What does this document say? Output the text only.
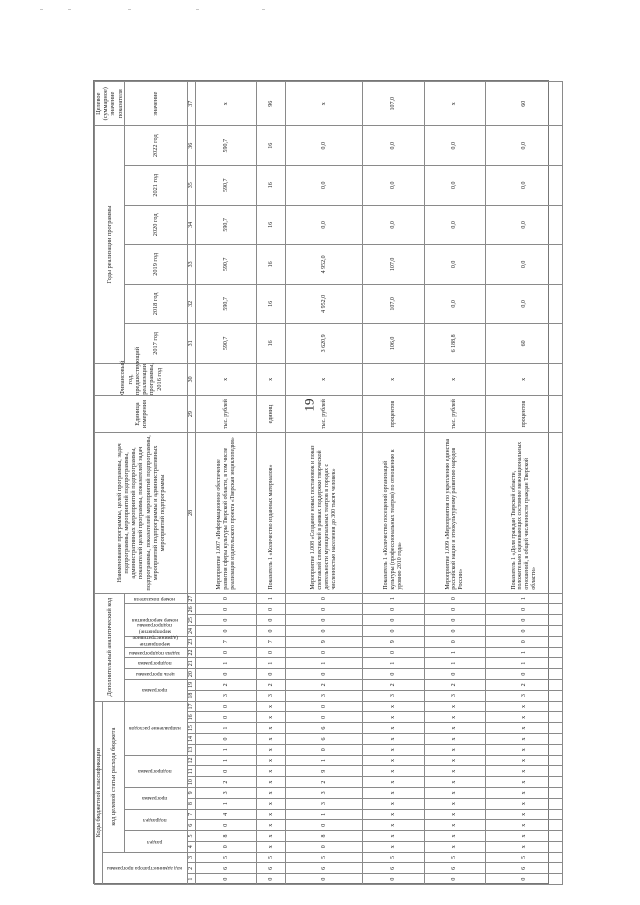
19
Коды бюджетной классификации																	Дополнительный аналитический код										Наименование программы, целей программы, задач подпрограммы, мероприятий подпрограммы, административных мероприятий подпрограммы, показателей целей программы, показателей задач подпрограммы, показателей мероприятий подпрограммы, мероприятий подпрограммы и административных мероприятий подпрограммы	Единица измерения	Финансовый год, предшествующий реализации программы, 2016 год	Годы реализации программы						Целевое (суммарное) значение показателя
код администратора программы			код целевой статьи расхода бюджета																																	
			раздел		подраздел		программа		подпрограмма			направление расходов					программа		цель программы	подпрограмма	задача подпрограммы	мероприятие (административное мероприятие) подпрограммы	номер мероприятия			номер показателя				2017 год	2018 год	2019 год	2020 год	2021 год	2022 год	значение
1	2	3	4	5	6	7	8	9	10	11	12	13	14	15	16	17	18	19	20	21	22	23	24	25	26	27	28	29	30	31	32	33	34	35	36	37
0	6	5	0	8	0	4	1	3	2	0	1	1	0	1	0	0	3	2	0	1	0	7	0	0	0	0	Мероприятие 1.007 «Информационное обеспечение развития сферы культуры Тверской области, в том числе реализация издательского проекта «Тверская энциклопедия»	тыс. рублей	x	590,7	590,7	590,7	590,7	590,7	590,7	x
0	6	5	x	x	x	x	x	x	x	x	x	x	x	x	x	x	3	2	0	1	0	7	0	0	0	1	Показатель 1 «Количество изданных материалов»	единиц	x	16	16	16	16	16	16	96
0	6	5	0	8	0	1	3	3	2	9	1	0	6	6	0	0	3	2	0	1	0	9	0	0	0	0	Мероприятие 1.008 «Создание новых постановок и показ спектаклей спектаклей в рамках поддержки творческой деятельности муниципальных театров в городах с численностью населения до 300 тысяч человек»	тыс. рублей	x	3 620,9	4 952,0	4 952,0	0,0	0,0	0,0	x
0	6	5	x	x	x	x	x	x	x	x	x	x	x	x	x	x	3	2	0	1	0	9	0	0	0	1	Показатель 1 «Количество посещений организаций культуры (профессиональных театров) по отношению к уровню 2010 года»	процентов	x	106,0	107,0	107,0	0,0	0,0	0,0	107,0
0	6	5	x	x	x	x	x	x	x	x	x	x	x	x	x	x	3	2	0	1	1	0	0	0	0	0	Мероприятие 1.009 «Мероприятия по укреплению единства российской нации и этнокультурному развитию народов России»	тыс. рублей	x	6 188,8	0,0	0,0	0,0	0,0	0,0	x
0	6	5	x	x	x	x	x	x	x	x	x	x	x	x	x	x	3	2	0	1	1	0	0	0	0	1	Показатель 1 «Доля граждан Тверской области, положительно оценивающих состояние межнациональных отношений, в общей численности граждан Тверской области»	процентов	x	60	0,0	0,0	0,0	0,0	0,0	60
